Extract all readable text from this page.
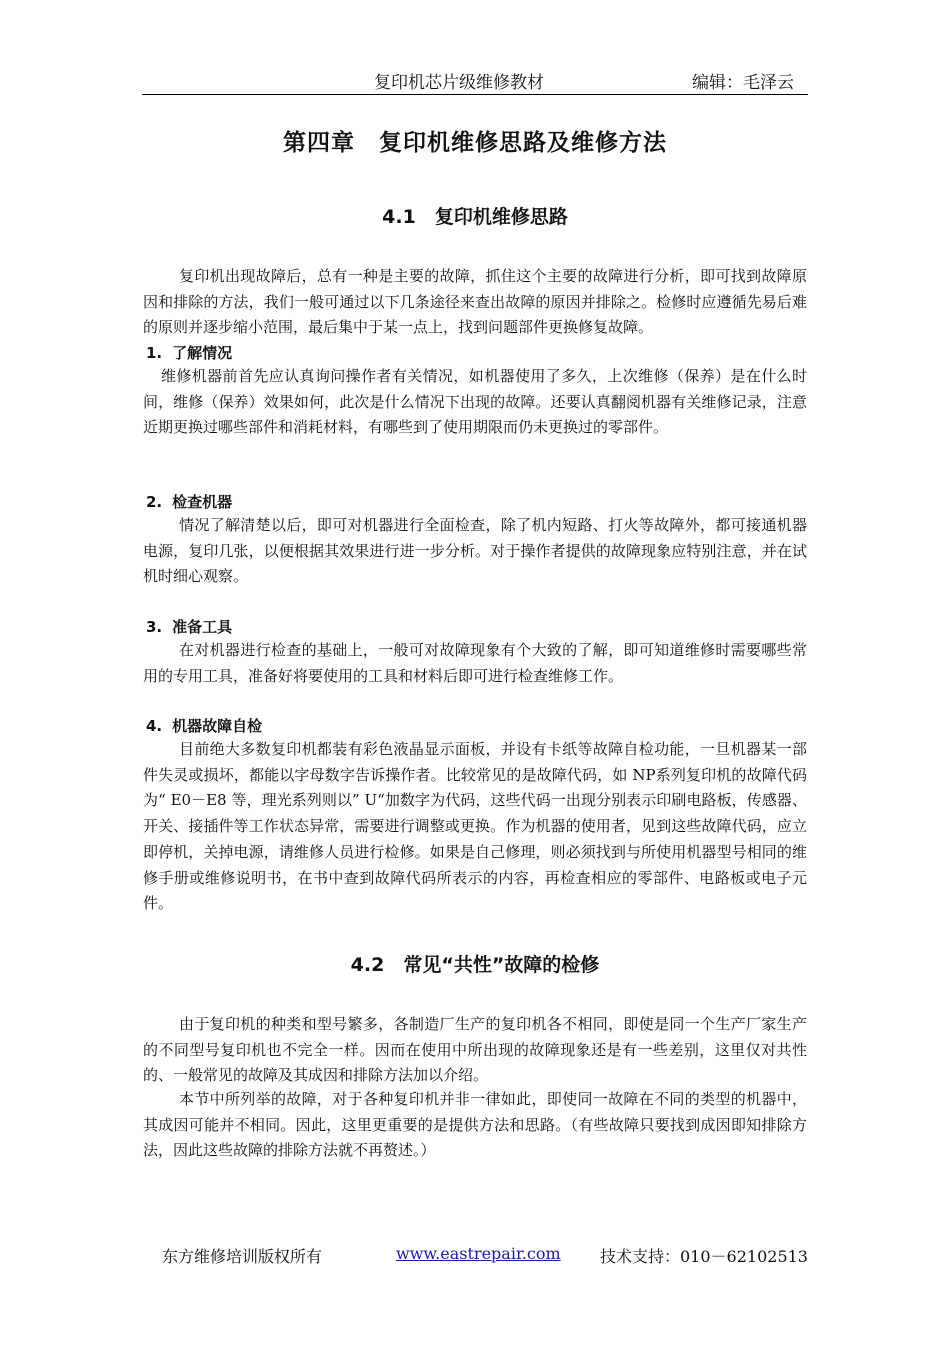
复印机芯片级维修教材	编辑：毛泽云
第四章　复印机维修思路及维修方法
4.1　复印机维修思路

复印机出现故障后，总有一种是主要的故障，抓住这个主要的故障进行分析，即可找到故障原因和排除的方法，我们一般可通过以下几条途径来查出故障的原因并排除之。检修时应遵循先易后难的原则并逐步缩小范围，最后集中于某一点上，找到问题部件更换修复故障。

1. 了解情况

维修机器前首先应认真询问操作者有关情况，如机器使用了多久，上次维修（保养）是在什么时间，维修（保养）效果如何，此次是什么情况下出现的故障。还要认真翻阅机器有关维修记录，注意近期更换过哪些部件和消耗材料，有哪些到了使用期限而仍未更换过的零部件。

2. 检查机器

情况了解清楚以后，即可对机器进行全面检查，除了机内短路、打火等故障外，都可接通机器电源，复印几张，以便根据其效果进行进一步分析。对于操作者提供的故障现象应特别注意，并在试机时细心观察。

3. 准备工具

在对机器进行检查的基础上，一般可对故障现象有个大致的了解，即可知道维修时需要哪些常用的专用工具，准备好将要使用的工具和材料后即可进行检查维修工作。

4. 机器故障自检

目前绝大多数复印机都装有彩色液晶显示面板，并设有卡纸等故障自检功能，一旦机器某一部件失灵或损坏，都能以字母数字告诉操作者。比较常见的是故障代码，如 NP系列复印机的故障代码为“ E0－E8 等，理光系列则以” U“加数字为代码，这些代码一出现分别表示印刷电路板，传感器、开关、接插件等工作状态异常，需要进行调整或更换。作为机器的使用者，见到这些故障代码，应立即停机，关掉电源，请维修人员进行检修。如果是自己修理，则必须找到与所使用机器型号相同的维修手册或维修说明书，在书中查到故障代码所表示的内容，再检查相应的零部件、电路板或电子元件。

4.2　常见“共性”故障的检修

由于复印机的种类和型号繁多，各制造厂生产的复印机各不相同，即使是同一个生产厂家生产的不同型号复印机也不完全一样。因而在使用中所出现的故障现象还是有一些差别，这里仅对共性的、一般常见的故障及其成因和排除方法加以介绍。

本节中所列举的故障，对于各种复印机并非一律如此，即使同一故障在不同的类型的机器中，其成因可能并不相同。因此，这里更重要的是提供方法和思路。（有些故障只要找到成因即知排除方法，因此这些故障的排除方法就不再赘述。）

东方维修培训版权所有	www.eastrepair.com 技术支持：010－62102513
